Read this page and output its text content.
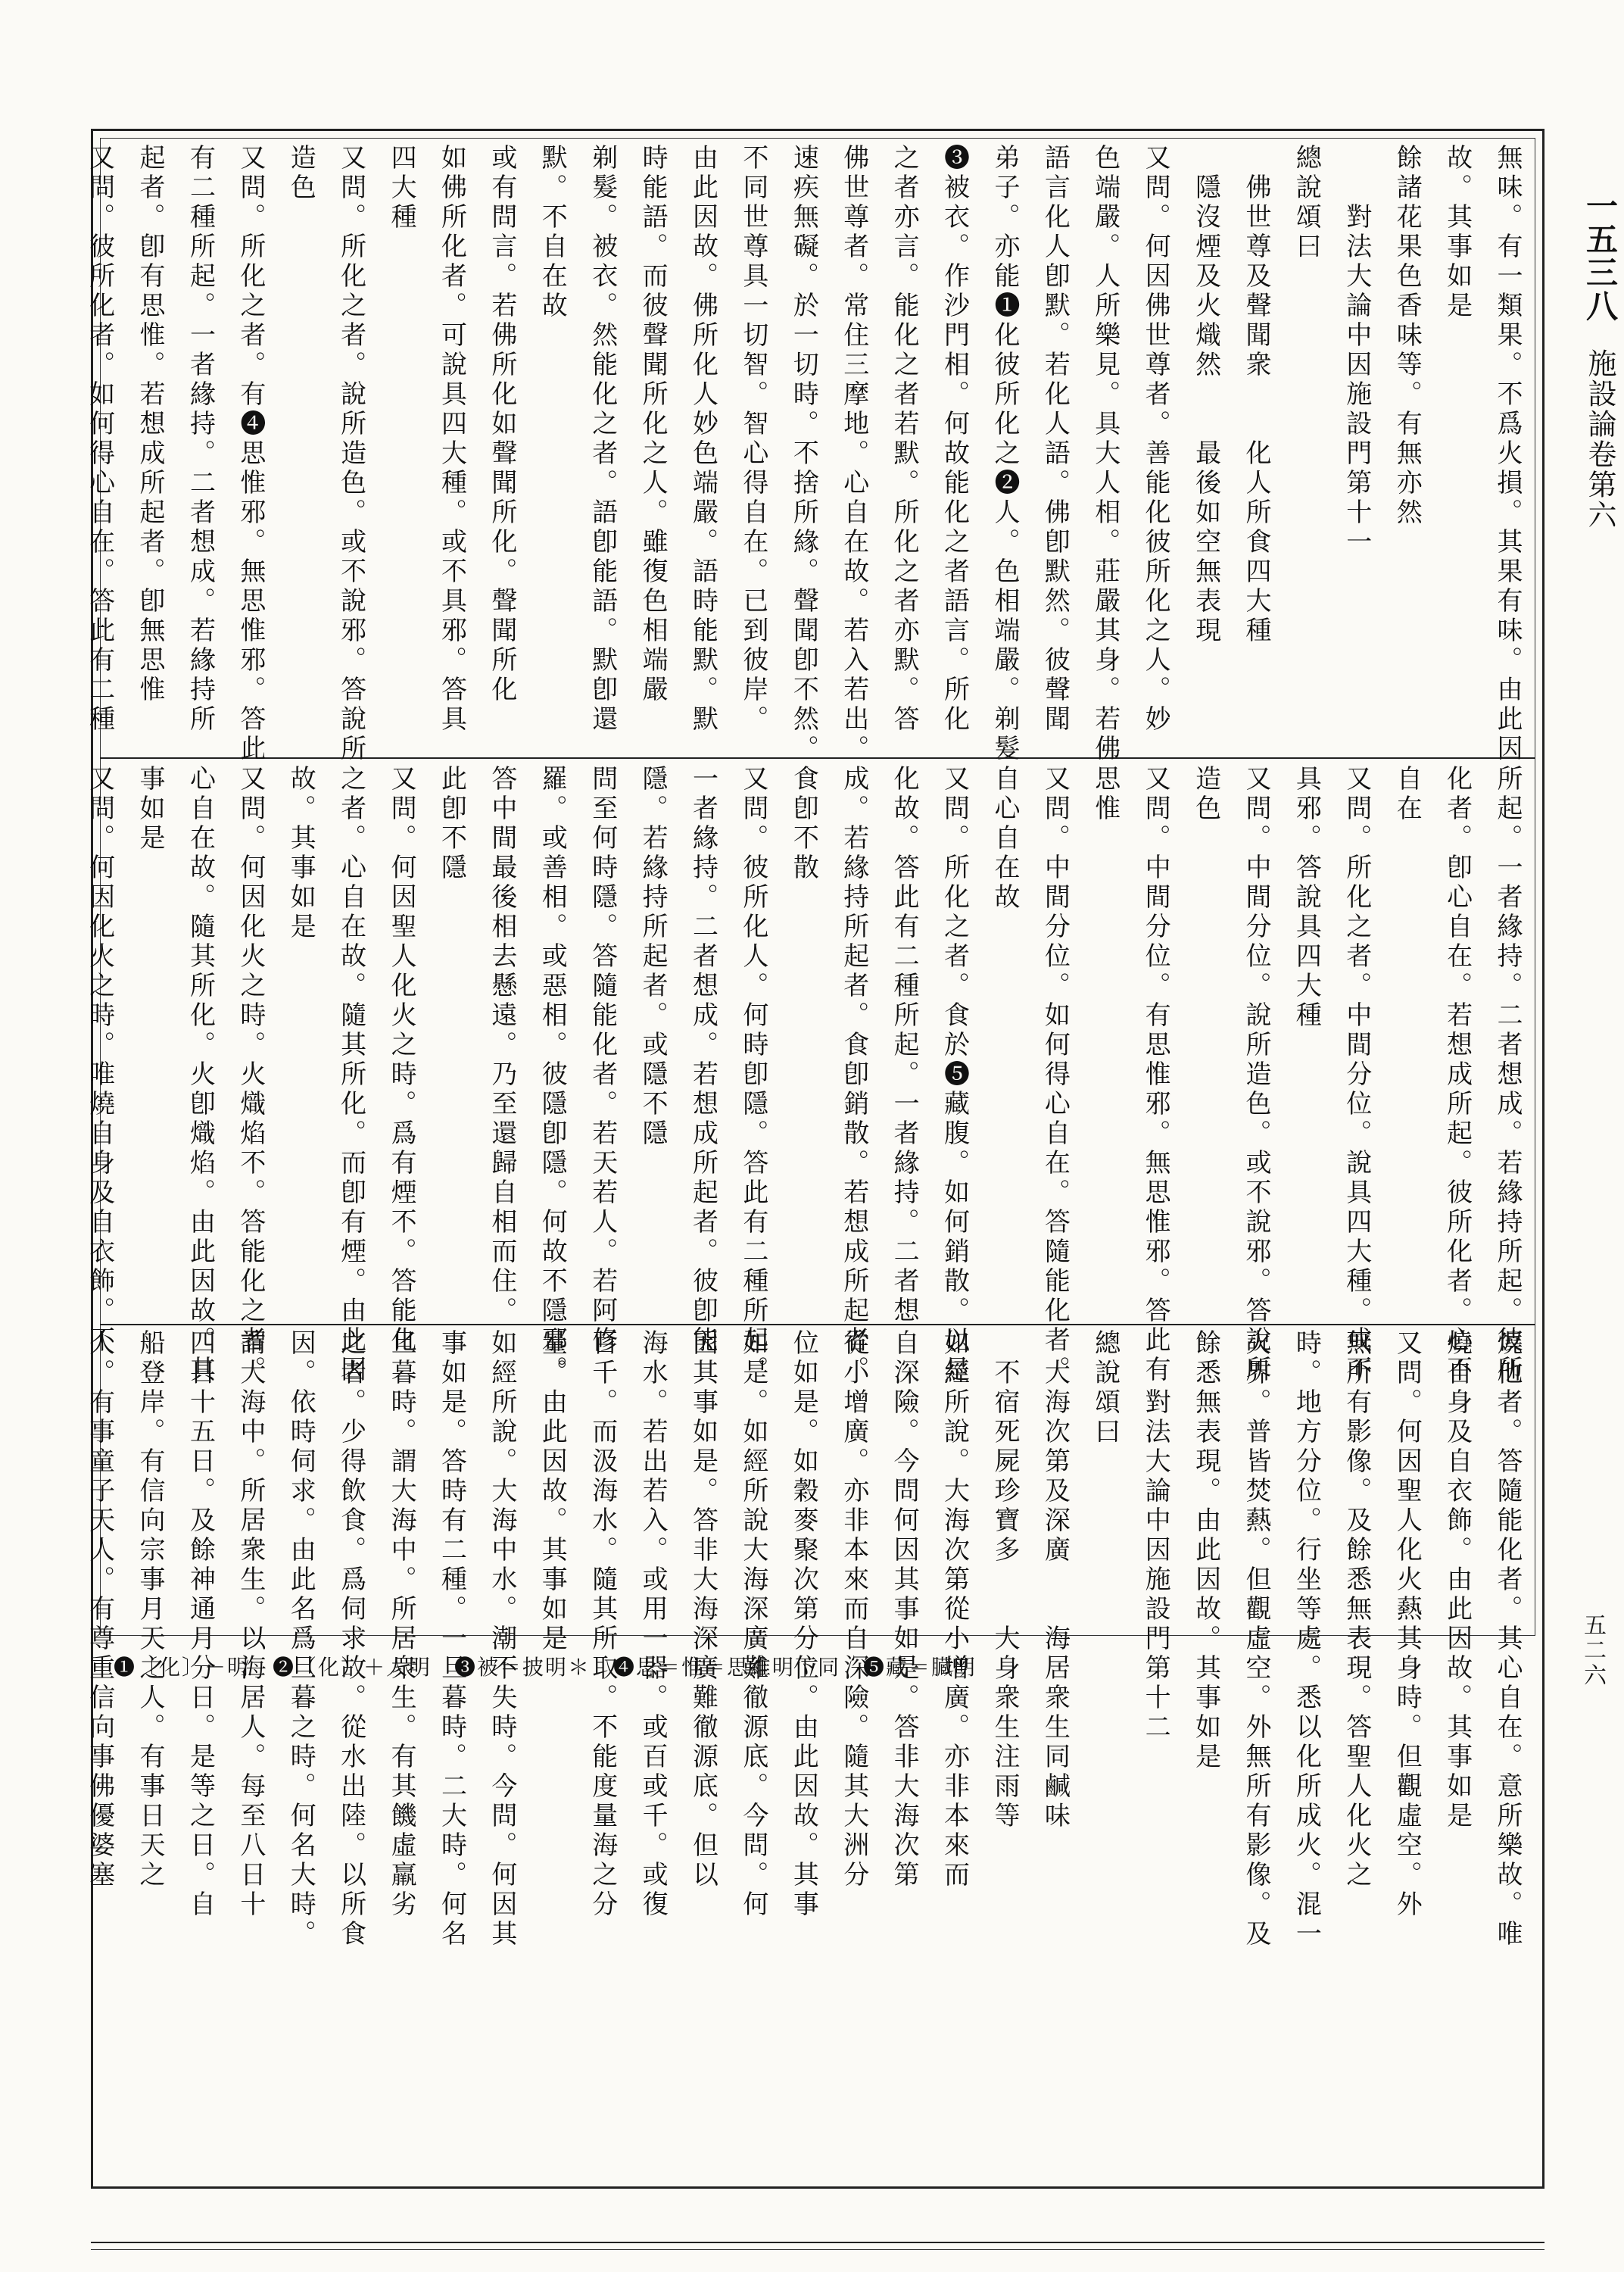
一五三八 施設論卷第六
五二六
無味。有一類果。不爲火損。其果有味。由此因
故。其事如是
餘諸花果色香味等。有無亦然
　　對法大論中因施設門第十一
總說頌曰
　佛世尊及聲聞衆　　化人所食四大種
　隱沒煙及火熾然　　最後如空無表現
又問。何因佛世尊者。善能化彼所化之人。妙
色端嚴。人所樂見。具大人相。莊嚴其身。若佛
語言化人卽默。若化人語。佛卽默然。彼聲聞
弟子。亦能❶化彼所化之❷人。色相端嚴。剃髮
❸被衣。作沙門相。何故能化之者語言。所化
之者亦言。能化之者若默。所化之者亦默。答
佛世尊者。常住三摩地。心自在故。若入若出。
速疾無礙。於一切時。不捨所緣。聲聞卽不然。
不同世尊具一切智。智心得自在。已到彼岸。
由此因故。佛所化人妙色端嚴。語時能默。默
時能語。而彼聲聞所化之人。雖復色相端嚴
剃髮。被衣。然能化之者。語卽能語。默卽還
默。不自在故
或有問言。若佛所化如聲聞所化。聲聞所化
如佛所化者。可說具四大種。或不具邪。答具
四大種
又問。所化之者。說所造色。或不說邪。答說所
造色
又問。所化之者。有❹思惟邪。無思惟邪。答此
有二種所起。一者緣持。二者想成。若緣持所
起者。卽有思惟。若想成所起者。卽無思惟
又問。彼所化者。如何得心自在。答此有二種
所起。一者緣持。二者想成。若緣持所起。彼所
化者。卽心自在。若想成所起。彼所化者。心不
自在
又問。所化之者。中間分位。說具四大種。或不
具邪。答說具四大種
又問。中間分位。說所造色。或不說邪。答說所
造色
又問。中間分位。有思惟邪。無思惟邪。答此有
思惟
又問。中間分位。如何得心自在。答隨能化者。
自心自在故
又問。所化之者。食於❺藏腹。如何銷散。以是
化故。答此有二種所起。一者緣持。二者想
成。若緣持所起者。食卽銷散。若想成所起者。
食卽不散
又問。彼所化人。何時卽隱。答此有二種所起。
一者緣持。二者想成。若想成所起者。彼卽能
隱。若緣持所起者。或隱不隱
問至何時隱。答隨能化者。若天若人。若阿修
羅。或善相。或惡相。彼隱卽隱。何故不隱邪。
答中間最後相去懸遠。乃至還歸自相而住。
此卽不隱
又問。何因聖人化火之時。爲有煙不。答能化
之者。心自在故。隨其所化。而卽有煙。由此因
故。其事如是
又問。何因化火之時。火熾焰不。答能化之者。
心自在故。隨其所化。火卽熾焰。由此因故。其
事如是
又問。何因化火之時。唯燒自身及自衣飾。不
燒他者。答隨能化者。其心自在。意所樂故。唯
燒自身及自衣飾。由此因故。其事如是
又問。何因聖人化火爇其身時。但觀虛空。外
無所有影像。及餘悉無表現。答聖人化火之
時。地方分位。行坐等處。悉以化所成火。混一
火界。普皆焚爇。但觀虛空。外無所有影像。及
餘悉無表現。由此因故。其事如是
　　對法大論中因施設門第十二
總說頌曰
　大海次第及深廣　　海居衆生同鹹味
　不宿死屍珍寶多　　大身衆生注雨等
如經所說。大海次第從小增廣。亦非本來而
自深險。今問何因其事如是。答非大海次第
從小增廣。亦非本來而自深險。隨其大洲分
位如是。如穀麥聚次第分位。由此因故。其事
如是。如經所說大海深廣難徹源底。今問。何
因其事如是。答非大海深廣難徹源底。但以
海水。若出若入。或用一器。或百或千。或復
百千。而汲海水。隨其所取。不能度量海之分
量。由此因故。其事如是
如經所說。大海中水。潮不失時。今問。何因其
事如是。答時有二種。一旦暮時。二大時。何名
旦暮時。謂大海中。所居衆生。有其饑虛羸劣
之者。少得飲食。爲伺求故。從水出陸。以所食
因。依時伺求。由此名爲旦暮之時。何名大時。
謂大海中。所居衆生。以海居人。每至八日十
四日十五日。及餘神通月分日。是等之日。自
船登岸。有信向宗事月天之人。有事日天之
人。有事童子天人。有尊重信向事佛優婆塞
❶〔化〕－明　❷（化）＋人明　❸被＝披明＊　❹思＝惟＝思維明下同　❺藏＝臓明
